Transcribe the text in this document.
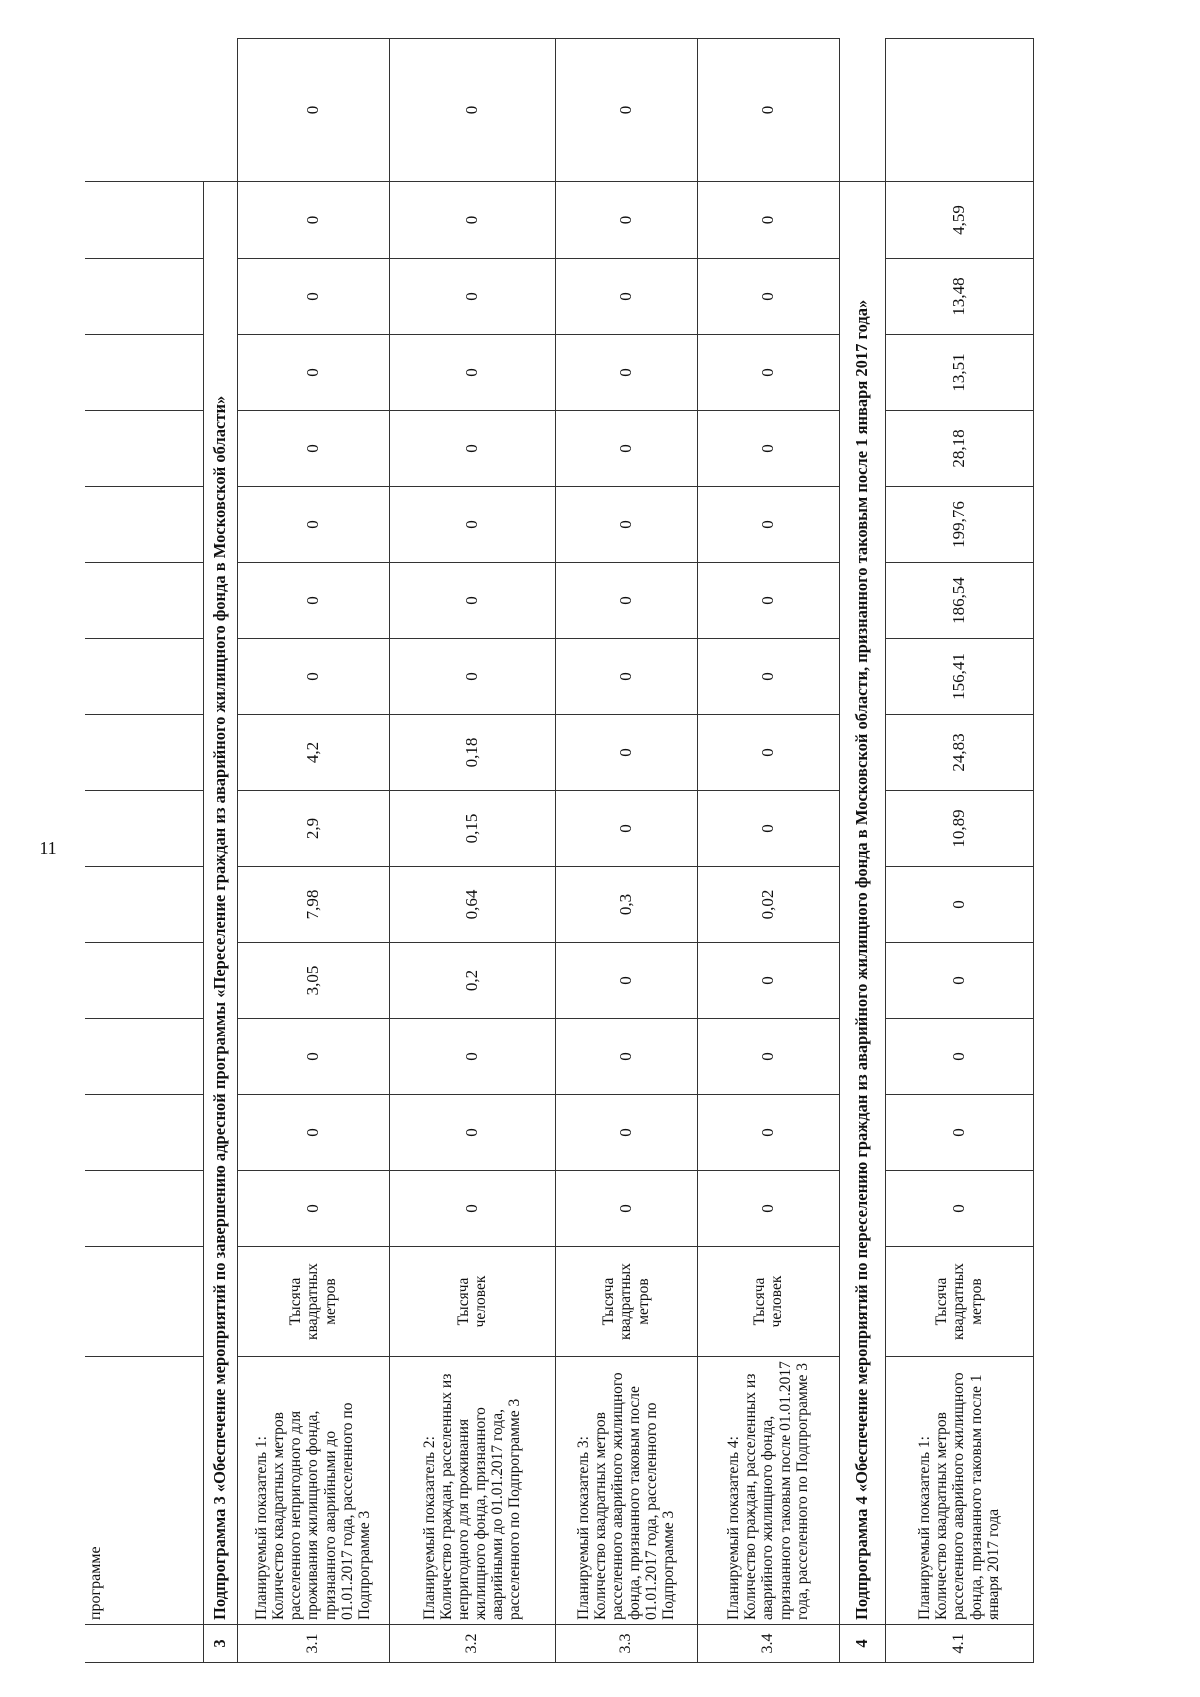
11
	программе																
3	Подпрограмма 3 «Обеспечение мероприятий по завершению адресной программы «Переселение граждан из аварийного жилищного фонда в Московской области»																
3.1	Планируемый показатель 1: Количество квадратных метров расселенного непригодного для проживания жилищного фонда, признанного аварийными до 01.01.2017 года, расселенного по Подпрограмме 3	Тысяча квадратных метров	0	0	0	3,05	7,98	2,9	4,2	0	0	0	0	0	0	0	0
3.2	Планируемый показатель 2: Количество граждан, расселенных из непригодного для проживания жилищного фонда, признанного аварийными до 01.01.2017 года, расселенного по Подпрограмме 3	Тысяча человек	0	0	0	0,2	0,64	0,15	0,18	0	0	0	0	0	0	0	0
3.3	Планируемый показатель 3: Количество квадратных метров расселенного аварийного жилищного фонда, признанного таковым после 01.01.2017 года, расселенного по Подпрограмме 3	Тысяча квадратных метров	0	0	0	0	0,3	0	0	0	0	0	0	0	0	0	0
3.4	Планируемый показатель 4: Количество граждан, расселенных из аварийного жилищного фонда, признанного таковым после 01.01.2017 года, расселенного по Подпрограмме 3	Тысяча человек	0	0	0	0	0,02	0	0	0	0	0	0	0	0	0	0
4	Подпрограмма 4 «Обеспечение мероприятий по переселению граждан из аварийного жилищного фонда в Московской области, признанного таковым после 1 января 2017 года»																
4.1	Планируемый показатель 1: Количество квадратных метров расселенного аварийного жилищного фонда, признанного таковым после 1 января 2017 года	Тысяча квадратных метров	0	0	0	0	0	10,89	24,83	156,41	186,54	199,76	28,18	13,51	13,48	4,59	
